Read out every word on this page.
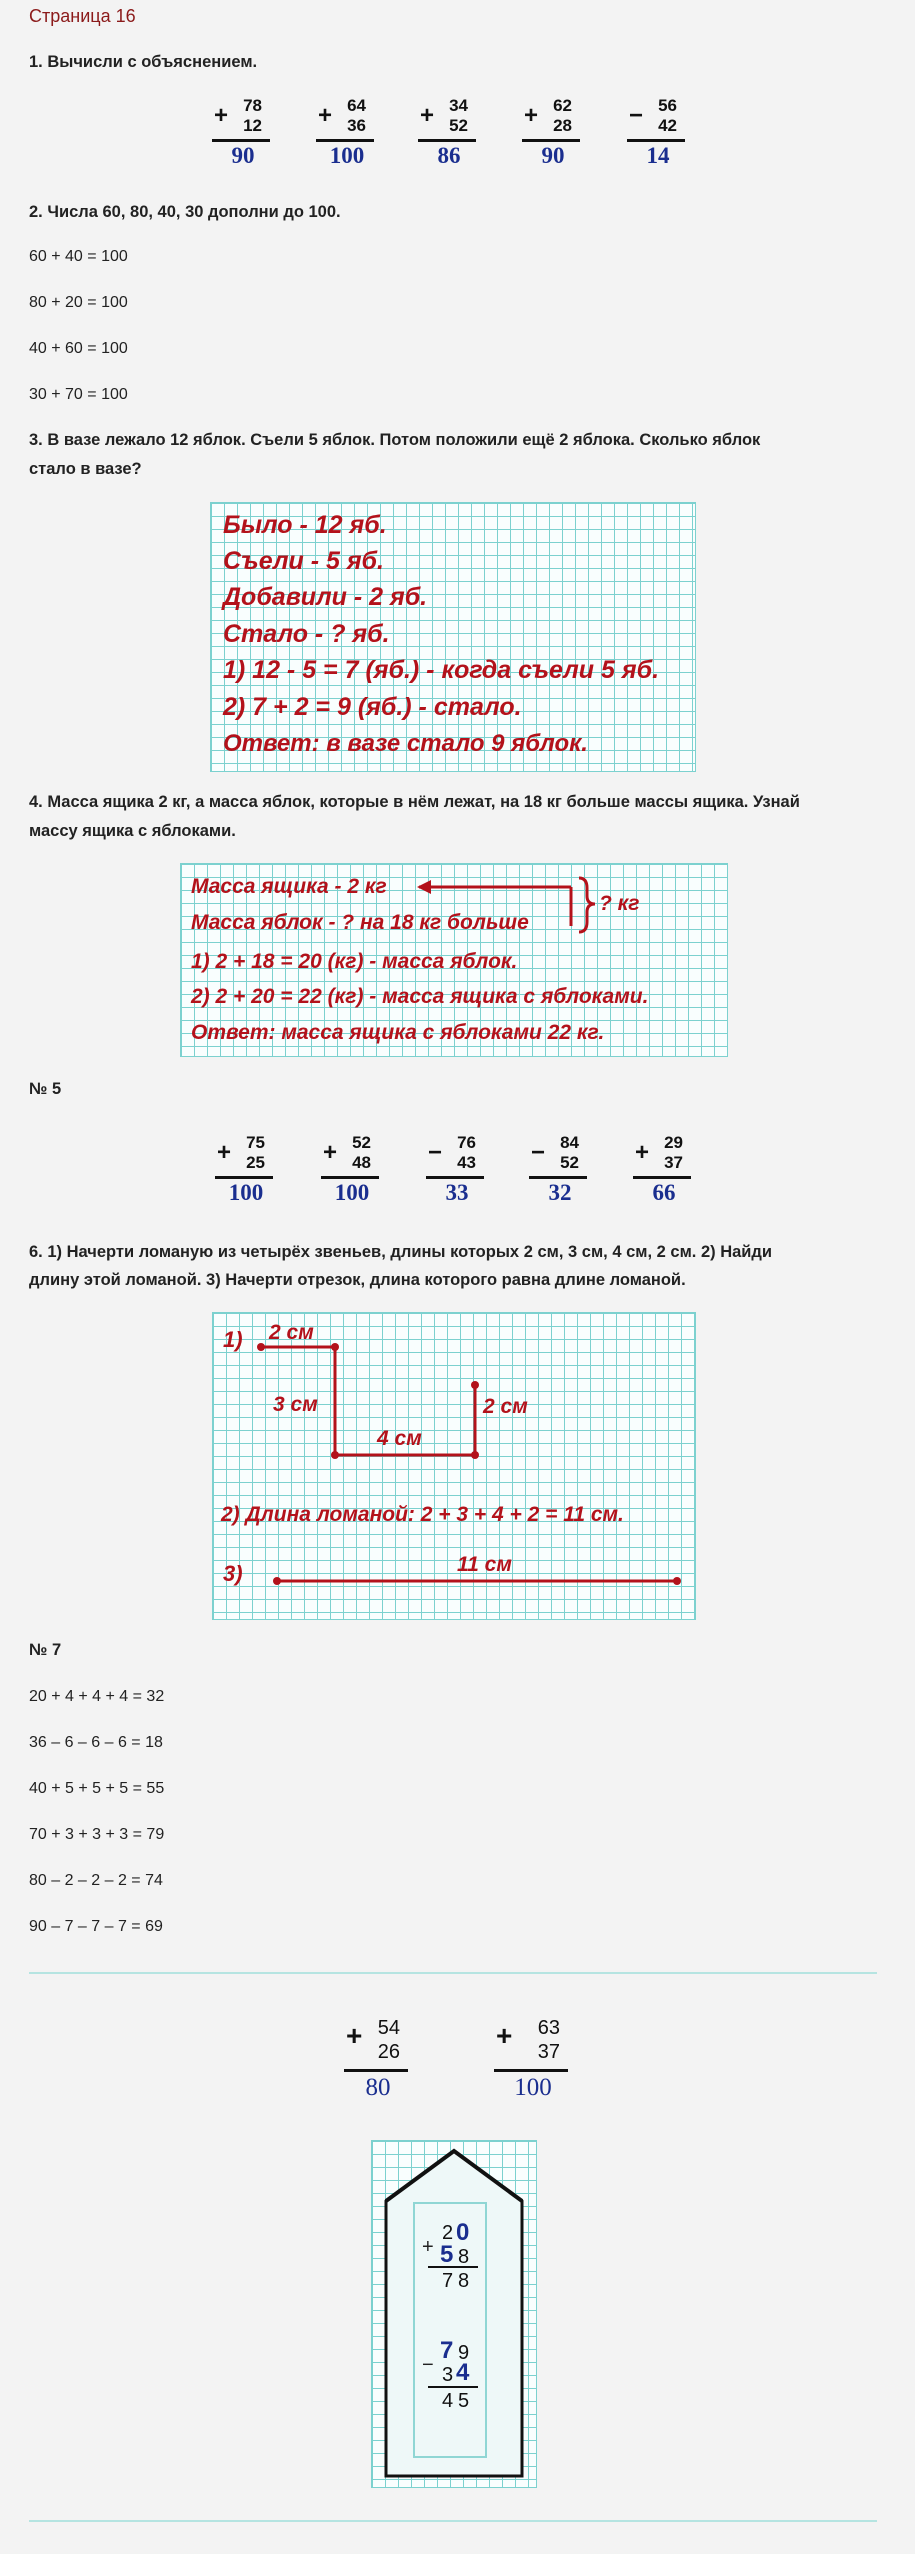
Страница 16
1. Вычисли с объяснением.
+ 78
12
90
+ 64
36
100
+ 34
52
86
+ 62
28
90
− 56
42
14
2. Числа 60, 80, 40, 30 дополни до 100.
60 + 40 = 100
80 + 20 = 100
40 + 60 = 100
30 + 70 = 100
3. В вазе лежало 12 яблок. Съели 5 яблок. Потом положили ещё 2 яблока. Сколько яблок
стало в вазе?
Было - 12 яб.
Съели - 5 яб.
Добавили - 2 яб.
Стало - ? яб.
1) 12 - 5 = 7 (яб.) - когда съели 5 яб.
2) 7 + 2 = 9 (яб.) - стало.
Ответ: в вазе стало 9 яблок.
4. Масса ящика 2 кг, а масса яблок, которые в нём лежат, на 18 кг больше массы ящика. Узнай
массу ящика с яблоками.
Масса ящика - 2 кг
Масса яблок - ? на 18 кг больше
? кг
1) 2 + 18 = 20 (кг) - масса яблок.
2) 2 + 20 = 22 (кг) - масса ящика с яблоками.
Ответ: масса ящика с яблоками 22 кг.
№ 5
+ 75
25
100
+ 52
48
100
− 76
43
33
− 84
52
32
+ 29
37
66
6. 1) Начерти ломаную из четырёх звеньев, длины которых 2 см, 3 см, 4 см, 2 см. 2) Найди
длину этой ломаной. 3) Начерти отрезок, длина которого равна длине ломаной.
1) 2 см
3 см
4 см
2 см
2) Длина ломаной: 2 + 3 + 4 + 2 = 11 см.
3)	11 см
№ 7
20 + 4 + 4 + 4 = 32
36 – 6 – 6 – 6 = 18
40 + 5 + 5 + 5 = 55
70 + 3 + 3 + 3 = 79
80 – 2 – 2 – 2 = 74
90 – 7 – 7 – 7 = 69
+ 54
26
80
+ 63
37
100
+
2 0
5 8
7 8
−
7 9
3 4
4 5
